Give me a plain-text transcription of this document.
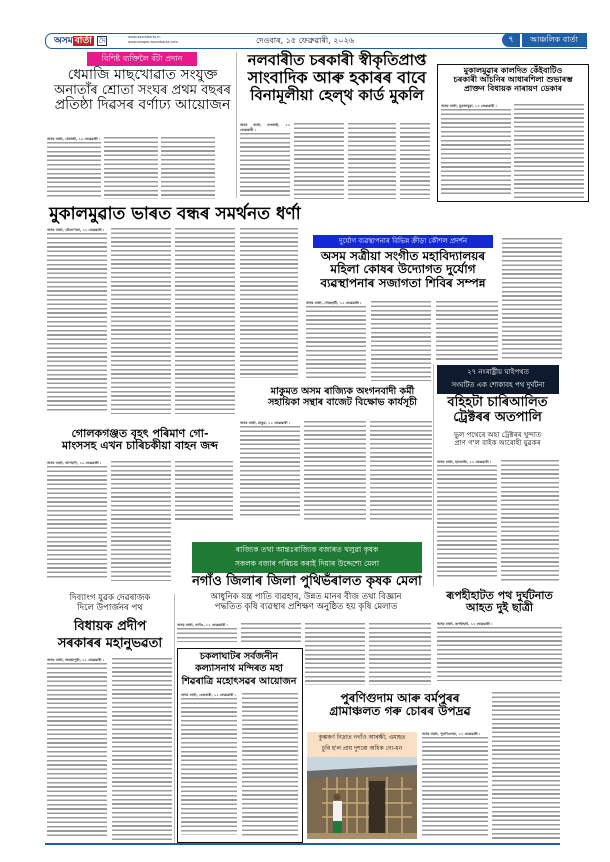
অসম বাৰ্তা দৈ	www.asombarta.in
www.epaper.asombarta.com	দেওবাৰ, ১৫ ফেব্ৰুৱাৰী, ২০২৬	৭	আঞ্চলিক বাৰ্তা
বিশিষ্ট ব্যক্তিলৈ বঁটা প্ৰদান
ধেমাজি মাছখোৱাত সংযুক্ত
অনাতাঁৰ শ্ৰোতা সংঘৰ প্ৰথম বছৰৰ
প্ৰতিষ্ঠা দিৱসৰ বৰ্ণাঢ্য আয়োজন
অসম বাৰ্তা, ধেমাজী, ১২ ফেব্ৰুৱাৰী :
নলবাৰীত চৰকাৰী স্বীকৃতিপ্ৰাপ্ত
সাংবাদিক আৰু হকাৰৰ বাবে
বিনামূলীয়া হেল্থ কাৰ্ড মুকলি
অসম বাৰ্তা, নলবাৰী, ১২ ফেব্ৰুৱাৰী :
মুকালমুৱাৰ কালদিত কেঁইবাটিও
চৰকাৰী আঁচনিৰ আধাৰশিলা শুভাৰম্ভ
প্ৰাক্তন বিধায়ক নাৰায়ণ ডেকাৰ
অসম বাৰ্তা, মুকালমুৱা, ১২ ফেব্ৰুৱাৰী :
মুকালমুৱাত ভাৰত বন্ধৰ সমৰ্থনত ধৰ্ণা
অসম বাৰ্তা, চৌলাপাৰা, ১২ ফেব্ৰুৱাৰী :
দুৰ্যোগ ব্যৱস্থাপনাৰ বিভিন্ন ক্ৰীড়া কৌশল প্ৰদৰ্শন
অসম সত্ৰীয়া সংগীত মহাবিদ্যালয়ৰ
মহিলা কোষৰ উদ্যোগত দুৰ্যোগ
ব্যৱস্থাপনাৰ সজাগতা শিবিৰ সম্পন্ন
অসম বাৰ্তা, গোৱহাটী, ১২ ফেব্ৰুৱাৰী :
২৭ নংৰাষ্ট্ৰীয় ঘাইপথত
সংঘটিত এক শোকাবহ পথ দুৰ্ঘটনা
বহিহটা চাৰিআলিত
ট্ৰেক্টৰৰ অতপালি
ভুল পথেৰে অহা ট্ৰেক্টৰৰ খুন্দাত
প্ৰাণ গ'ল বাইক আৰোহী যুৱকৰ
অসম বাৰ্তা, হাজোৰি, ১২ ফেব্ৰুৱাৰী :
মাকুমত অসম ৰাজ্যিক অংগনবাদী কৰ্মী
সহায়িকা সন্থাৰ বাজেট বিক্ষোভ কাৰ্যসূচী
অসম বাৰ্তা, মাকুম, ১২ ফেব্ৰুৱাৰী :
গোলকগঞ্জত বৃহৎ পৰিমাণ গো-
মাংসসহ এখন চাৰিচকীয়া বাহন জব্দ
অসম বাৰ্তা, আগমণি, ১২ ফেব্ৰুৱাৰী :
ৰাজ্যিক তথা আন্তঃৰাজ্যিক বজাৰত থলুৱা কৃষক
সকলক বজাৰ পৰিচয় কৰাই দিয়াৰ উদ্দেশ্যে মেলা
নগাঁও জিলাৰ জিলা পুথিভঁৰালত কৃষক মেলা
আধুনিক যন্ত্ৰ পাতি ব্যৱহাৰ, উন্নত মানৰ বীজ তথা বিজ্ঞান
পদ্ধতিত কৃষি ব্যৱস্থাৰ প্ৰশিক্ষণ অনুষ্ঠিত হয় কৃষি মেলাত
অসম বাৰ্তা, নগাঁও, ১২ ফেব্ৰুৱাৰী :
দিব্যাংগ যুৱক দেৱৰাজক
দিলে উপাৰ্জনৰ পথ
বিধায়ক প্ৰদীপ
সৰকাৰৰ মহানুভৱতা
অসম বাৰ্তা, অভয়াপুৰী, ১২ ফেব্ৰুৱাৰী :	চকলাঘাটৰ সৰ্বজনীন
কল্যাসনাথ মন্দিৰত মহা
শিৱৰাত্ৰি মহোৎসৱৰ আয়োজন
অসম বাৰ্তা, বেতবাৰী, ১২ ফেব্ৰুৱাৰী :
ৰূপহীহাটত পথ দুৰ্ঘটনাত
আহত দুই ছাত্ৰী
অসম বাৰ্তা, ৰূপহীহাট, ১২ ফেব্ৰুৱাৰী :
পুৰণিগুদাম আৰু বৰ্মপুৰৰ
গ্ৰামাঞ্চলত গৰু চোৰৰ উপদ্ৰৱ
কুম্ভকৰ্ণ নিদ্ৰাত নগাঁও আৰক্ষী; এমাহত
চুৰি হ'ল প্ৰায় দুশৰো অধিক গো-ধন
অসম বাৰ্তা, পুৰণিগুদাম, ১২ ফেব্ৰুৱাৰী :
